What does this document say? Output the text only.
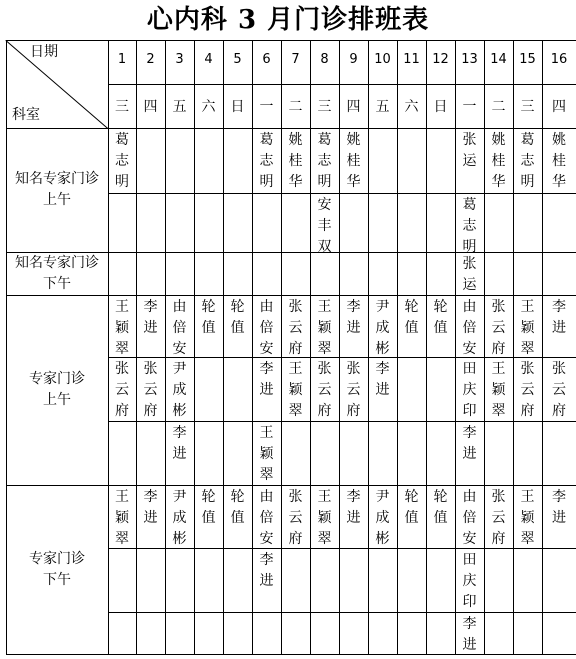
心内科 3 月门诊排班表
日期
科室
1
三
2
四
3
五
4
六
5
日
6
一
7
二
8
三
9
四
10
五
11
六
12
日
13
一
14
二
15
三
16
四
知名专家门诊
上午
葛
志
明
葛
志
明
姚
桂
华
葛
志
明
姚
桂
华
张
运
姚
桂
华
葛
志
明
姚
桂
华
安
丰
双
葛
志
明
知名专家门诊
下午
张
运
专家门诊
上午
王
颖
翠
李
进
由
倍
安
轮
值
轮
值
由
倍
安
张
云
府
王
颖
翠
李
进
尹
成
彬
轮
值
轮
值
由
倍
安
张
云
府
王
颖
翠
李
进
张
云
府
张
云
府
尹
成
彬
李
进
王
颖
翠
张
云
府
张
云
府
李
进
田
庆
印
王
颖
翠
张
云
府
张
云
府
李
进
王
颖
翠
李
进
专家门诊
下午
王
颖
翠
李
进
尹
成
彬
轮
值
轮
值
由
倍
安
张
云
府
王
颖
翠
李
进
尹
成
彬
轮
值
轮
值
由
倍
安
张
云
府
王
颖
翠
李
进
李
进
田
庆
印
李
进
